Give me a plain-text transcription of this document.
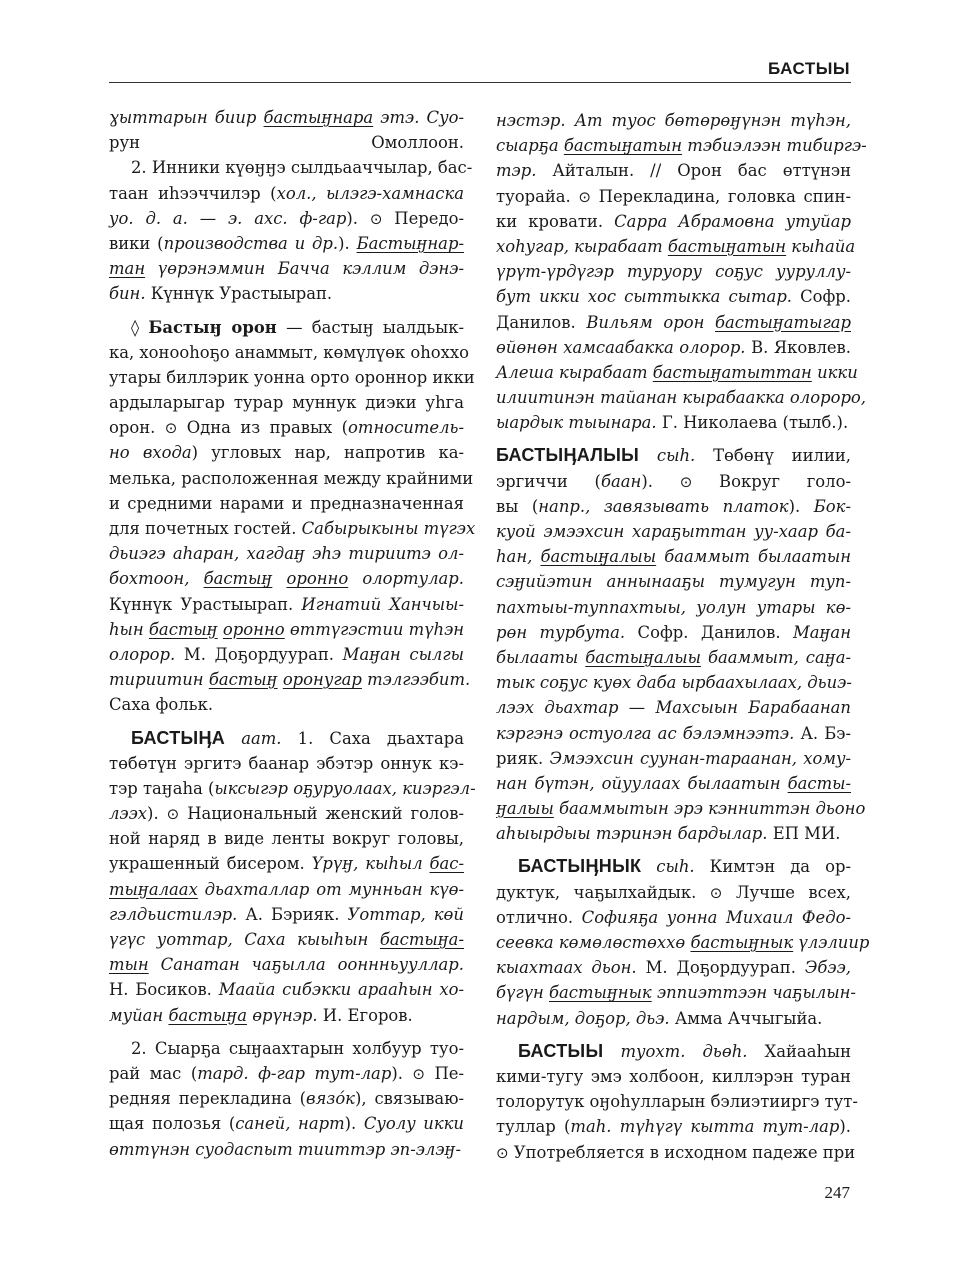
БАСТЫЫ
ɣыттарын биир бастыӈнара этэ. Суо-
рун Омоллоон.
2. Инники күөӈӈэ сылдьааччылар, бас-
таан иһээччилэр (хол., ылэгэ-хамнаска
уо. д. а. — э. ахс. ф-гар). ⊙ Передо-
вики (производства и др.). Бастыӈнар-
тан үөрэнэммин Бачча кэллим дэнэ-
бин. Күннүк Урастыырап.
◊ Бастыӈ орон — бастыӈ ыалдьык-
ка, хонооһоҕо анаммыт, көмүлүөк оһоххо
утары биллэрик уонна орто оронноp икки
ардыларыгар турар муннук диэки уһга
орон. ⊙ Одна из правых (относитель-
но входа) угловых нар, напротив ка-
мелька, расположенная между крайними
и средними нарами и предназначенная
для почетных гостей. Сабырыкыны түгэх
дьиэгэ аһаран, хагдаӈ эһэ тириитэ ол-
бохтоон, бастыӈ оронно олортулар.
Күннүк Урастыырап. Игнатий Ханчыы-
һын бастыӈ оронно өттүгэстии түһэн
олорор. М. Доҕордуурап. Маӈан сылгы
тириитин бастыӈ оронугар тэлгээбит.
Саха фольк.
БАСТЫӉА аат. 1. Саха дьахтара
төбөтүн эргитэ баанар эбэтэр оннук кэ-
тэр таӈаһа (ыксыгэр оҕуруолаах, киэргэл-
лээх). ⊙ Национальный женский голов-
ной наряд в виде ленты вокруг головы,
украшенный бисером. Үрүӈ, кыһыл бас-
тыӈалаах дьахталлар от мунньан күө-
гэлдьистилэр. А. Бэрияк. Уоттар, көй
үгүс уоттар, Саха кыыһын бастыӈа-
тын Санатан чаҕылла ооннньууллар.
Н. Босиков. Маайа сибэкки арааһын хо-
муйан бастыӈа өрүнэр. И. Егоров.
2. Сыарҕа сыӈаахтарын холбуур туо-
рай мас (тард. ф-гар тут-лар). ⊙ Пе-
редняя перекладина (вязо́к), связываю-
щая полозья (саней, нарт). Суолу икки
өттүнэн суодаспыт тииттэр эп-элэӈ-
нэстэр. Ат туос бөтөрөӈүнэн түһэн,
сыарҕа бастыӈатын тэбиэлээн тибиргэ-
тэр. Айталын. // Орон бас өттүнэн
туорайа. ⊙ Перекладина, головка спин-
ки кровати. Сарра Абрамовна утуйар
хоһугар, кырабаат бастыӈатын кыһайа
үрүт-үрдүгэр туруору соҕус ууруллу-
бут икки хос сыттыкка сытар. Софр.
Данилов. Вильям орон бастыӈатыгар
өйөнөн хамсаабакка олорор. В. Яковлев.
Алеша кырабаат бастыӈатыттан икки
илиитинэн тайанан кырабаакка олороро,
ыардык тыынара. Г. Николаева (тылб.).
БАСТЫӉАЛЫЫ сыһ. Төбөнү иилии,
эргиччи (баан). ⊙ Вокруг голо-
вы (напр., завязывать платок). Бок-
куой эмээхсин хараҕыттан уу-хаар ба-
һан, бастыӈалыы бааммыт былаатын
сэӈийэтин аннынааҕы тумугун туп-
пахтыы-туппахтыы, уолун утары кө-
рөн турбута. Софр. Данилов. Маӈан
былааты бастыӈалыы бааммыт, саӈа-
тык соҕус куөх даба ырбаахылаах, дьиэ-
лээх дьахтар — Махсыын Барабаанап
кэргэнэ остуолга ас бэлэмнээтэ. А. Бэ-
рияк. Эмээхсин суунан-тараанан, хому-
нан бүтэн, ойуулаах былаатын басты-
ӈалыы бааммытын эрэ кэнниттэн дьоно
аһыырдыы тэринэн бардылар. ЕП МИ.
БАСТЫӉНЫК сыһ. Кимтэн да ор-
дуктук, чаҕылхайдык. ⊙ Лучше всех,
отлично. Софияҕа уонна Михаил Федо-
сеевка көмөлөстөххө бастыӈнык үлэлиир
кыахтаах дьон. М. Доҕордуурап. Эбээ,
бүгүн бастыӈнык эппиэттээн чаҕылын-
нардым, доҕор, дьэ. Амма Аччыгыйа.
БАСТЫЫ туохт. дьөһ. Хайааһын
кими-тугу эмэ холбоон, киллэрэн туран
толорутук оӈоһулларын бэлиэтииргэ тут-
туллар (таһ. түһүгү кытта тут-лар).
⊙ Употребляется в исходном падеже при
247
